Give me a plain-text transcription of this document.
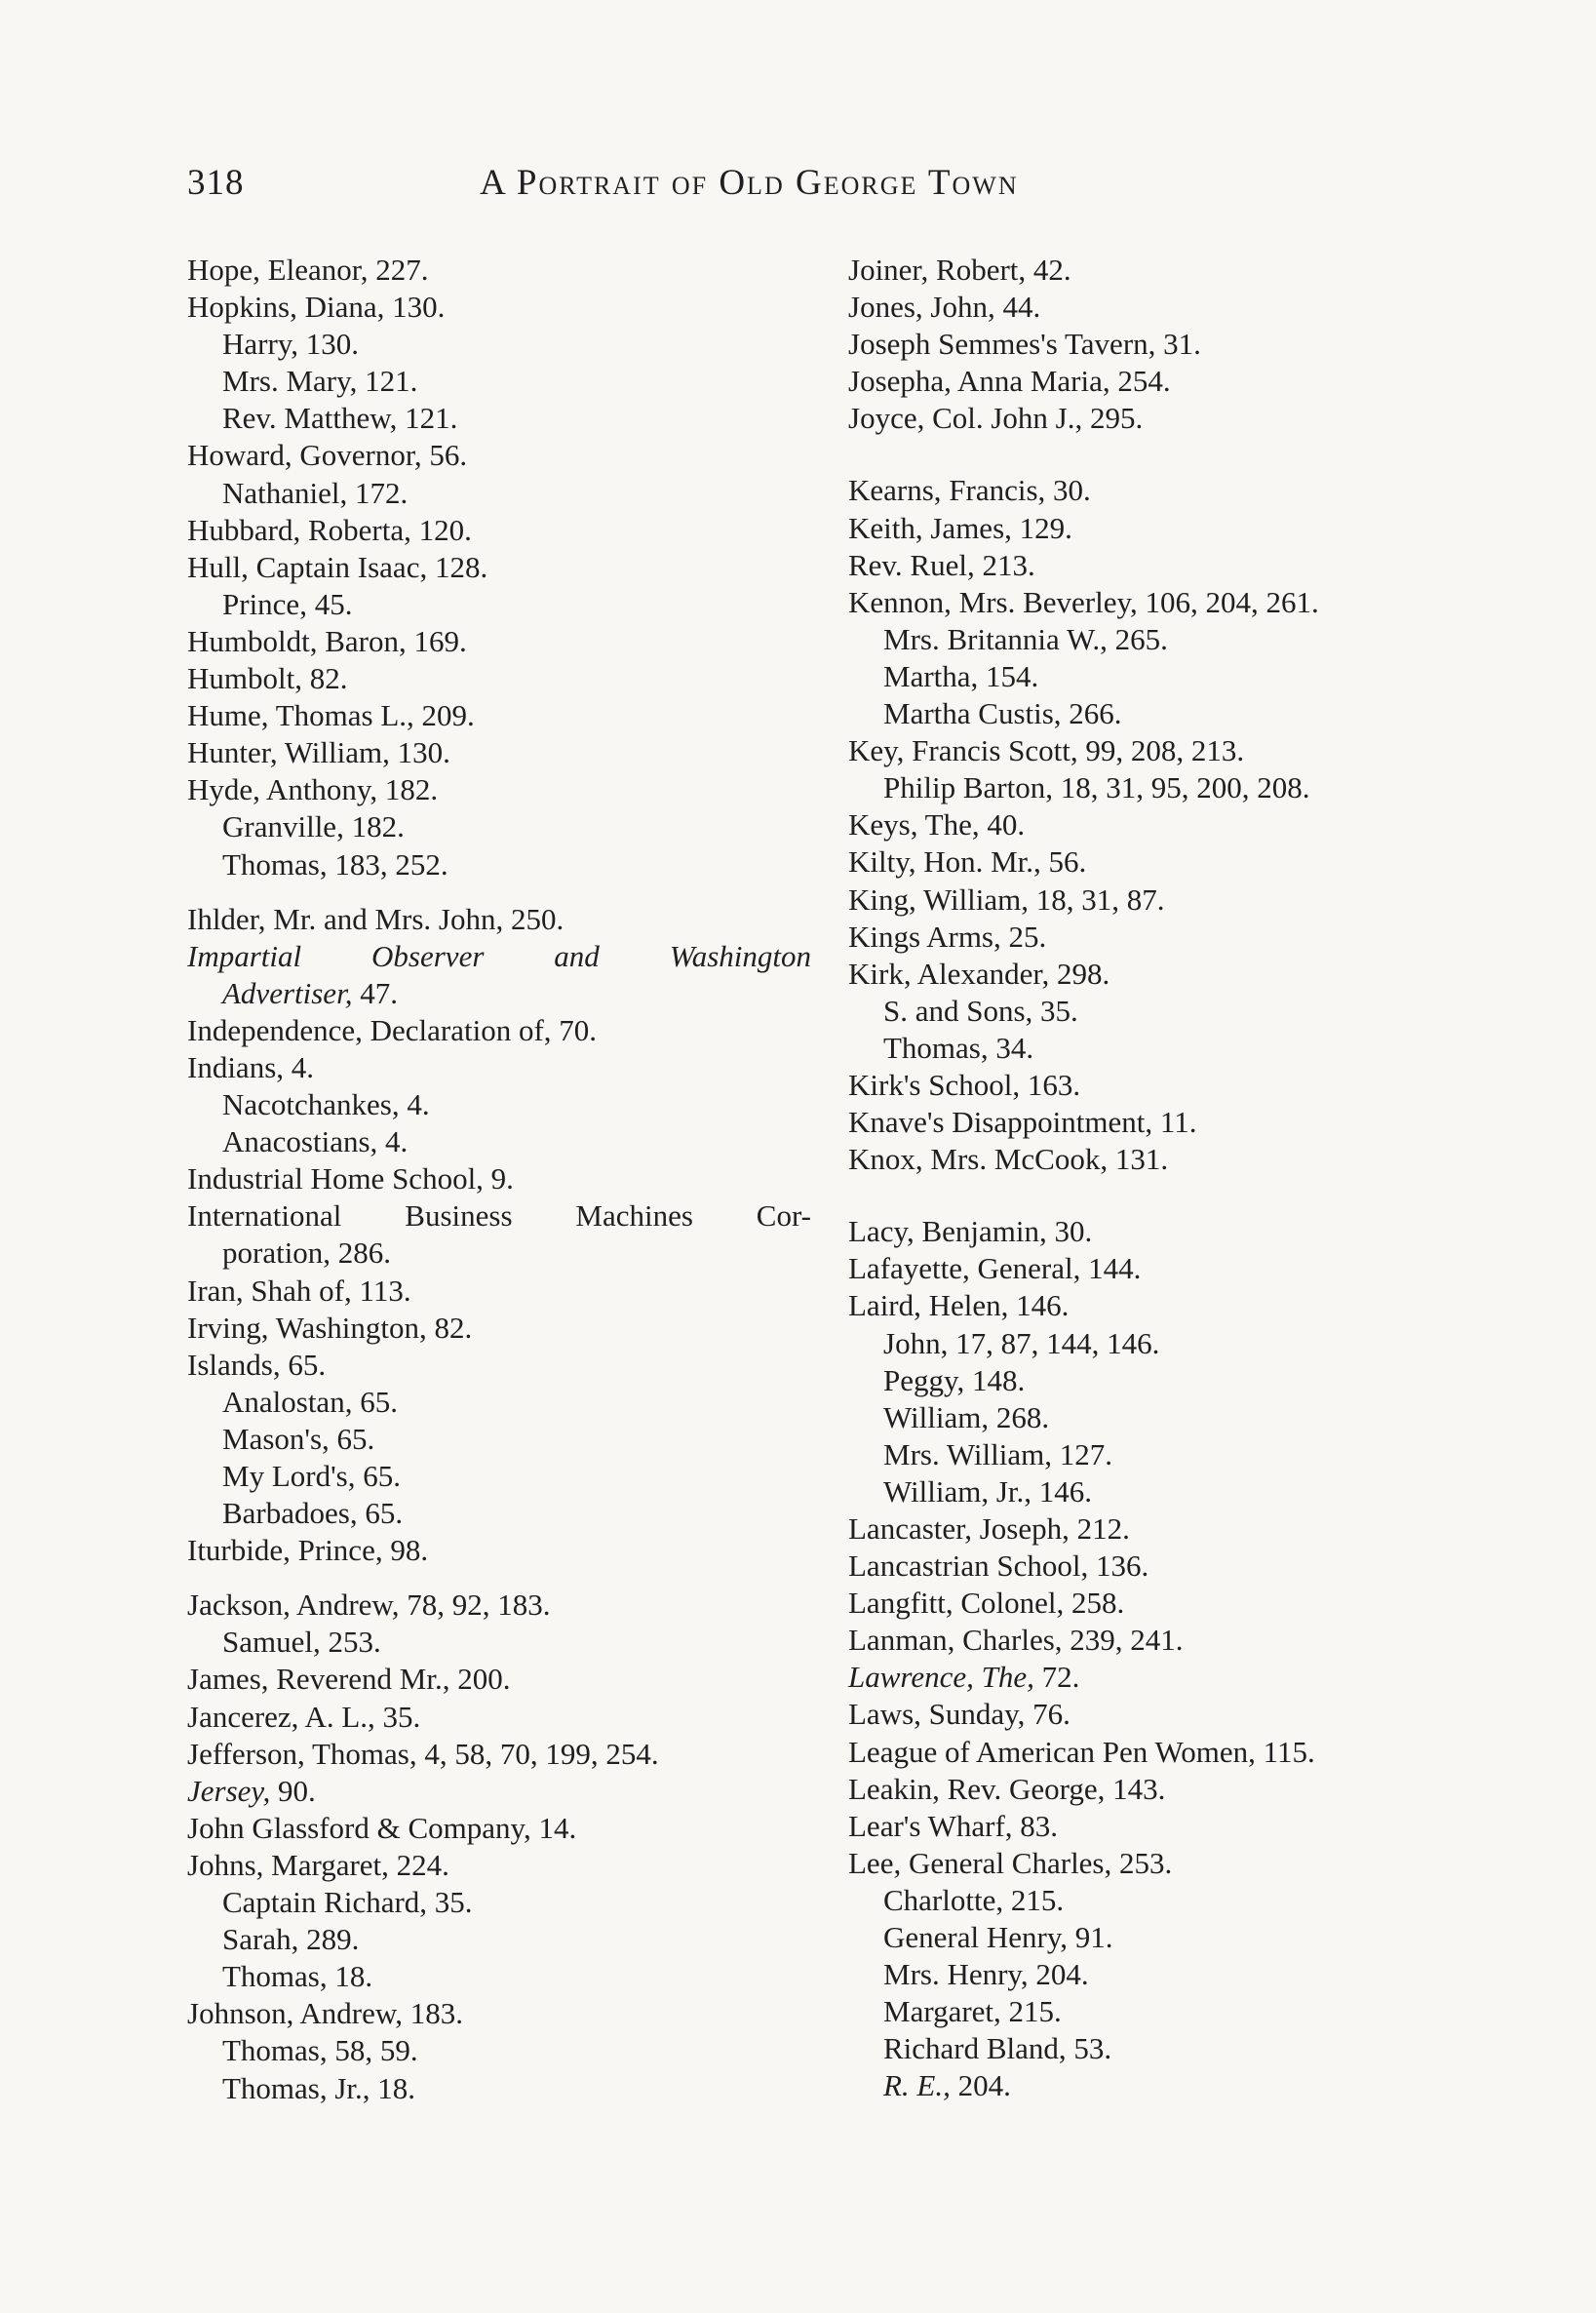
318	A Portrait of Old George Town
Hope, Eleanor, 227.
Hopkins, Diana, 130.
Harry, 130.
Mrs. Mary, 121.
Rev. Matthew, 121.
Howard, Governor, 56.
Nathaniel, 172.
Hubbard, Roberta, 120.
Hull, Captain Isaac, 128.
Prince, 45.
Humboldt, Baron, 169.
Humbolt, 82.
Hume, Thomas L., 209.
Hunter, William, 130.
Hyde, Anthony, 182.
Granville, 182.
Thomas, 183, 252.
Ihlder, Mr. and Mrs. John, 250.
Impartial Observer and Washington
Advertiser, 47.
Independence, Declaration of, 70.
Indians, 4.
Nacotchankes, 4.
Anacostians, 4.
Industrial Home School, 9.
International Business Machines Cor-
poration, 286.
Iran, Shah of, 113.
Irving, Washington, 82.
Islands, 65.
Analostan, 65.
Mason's, 65.
My Lord's, 65.
Barbadoes, 65.
Iturbide, Prince, 98.
Jackson, Andrew, 78, 92, 183.
Samuel, 253.
James, Reverend Mr., 200.
Jancerez, A. L., 35.
Jefferson, Thomas, 4, 58, 70, 199, 254.
Jersey, 90.
John Glassford & Company, 14.
Johns, Margaret, 224.
Captain Richard, 35.
Sarah, 289.
Thomas, 18.
Johnson, Andrew, 183.
Thomas, 58, 59.
Thomas, Jr., 18.
Joiner, Robert, 42.
Jones, John, 44.
Joseph Semmes's Tavern, 31.
Josepha, Anna Maria, 254.
Joyce, Col. John J., 295.
Kearns, Francis, 30.
Keith, James, 129.
Rev. Ruel, 213.
Kennon, Mrs. Beverley, 106, 204, 261.
Mrs. Britannia W., 265.
Martha, 154.
Martha Custis, 266.
Key, Francis Scott, 99, 208, 213.
Philip Barton, 18, 31, 95, 200, 208.
Keys, The, 40.
Kilty, Hon. Mr., 56.
King, William, 18, 31, 87.
Kings Arms, 25.
Kirk, Alexander, 298.
S. and Sons, 35.
Thomas, 34.
Kirk's School, 163.
Knave's Disappointment, 11.
Knox, Mrs. McCook, 131.
Lacy, Benjamin, 30.
Lafayette, General, 144.
Laird, Helen, 146.
John, 17, 87, 144, 146.
Peggy, 148.
William, 268.
Mrs. William, 127.
William, Jr., 146.
Lancaster, Joseph, 212.
Lancastrian School, 136.
Langfitt, Colonel, 258.
Lanman, Charles, 239, 241.
Lawrence, The, 72.
Laws, Sunday, 76.
League of American Pen Women, 115.
Leakin, Rev. George, 143.
Lear's Wharf, 83.
Lee, General Charles, 253.
Charlotte, 215.
General Henry, 91.
Mrs. Henry, 204.
Margaret, 215.
Richard Bland, 53.
R. E., 204.
